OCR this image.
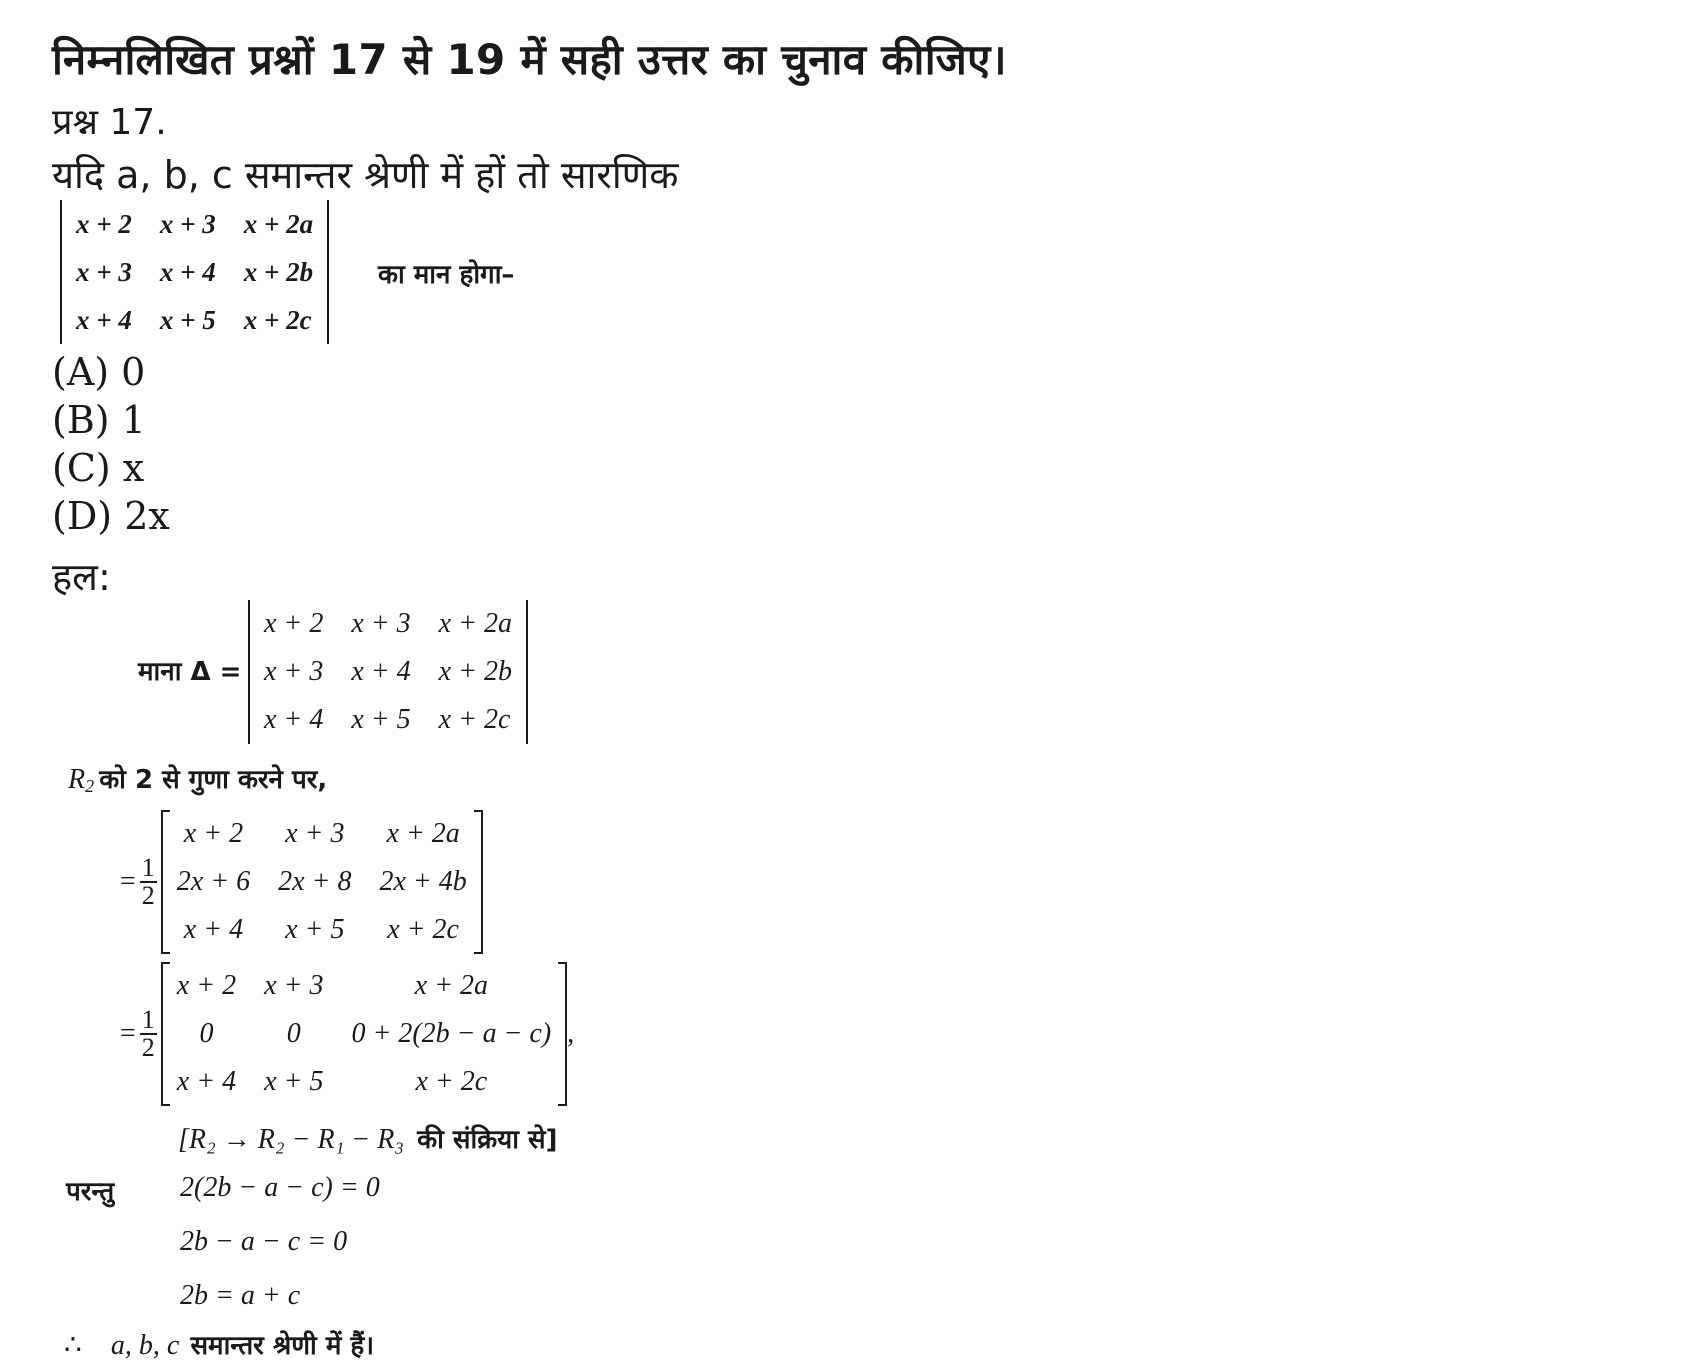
निम्नलिखित प्रश्नों 17 से 19 में सही उत्तर का चुनाव कीजिए।
प्रश्न 17.
यदि a, b, c समान्तर श्रेणी में हों तो सारणिक
x + 2	x + 3	x + 2a
x + 3	x + 4	x + 2b
x + 4	x + 5	x + 2c
का मान होगा–
(A) 0
(B) 1
(C) x
(D) 2x
हल:
माना Δ =
x + 2	x + 3	x + 2a
x + 3	x + 4	x + 2b
x + 4	x + 5	x + 2c
$R_2$ को 2 से गुणा करने पर,
= $\frac{1}{2}$
x + 2	x + 3	x + 2a
2x + 6	2x + 8	2x + 4b
x + 4	x + 5	x + 2c

= $\frac{1}{2}$
x + 2	x + 3	x + 2a
0	0	0 + 2(2b − a − c)
x + 4	x + 5	x + 2c

,
[R₂ → R₂ − R₁ − R₃ की संक्रिया से]
परन्तु 2(2b − a − c) = 0
2b − a − c = 0
2b = a + c
∴ a, b, c समान्तर श्रेणी में हैं।
